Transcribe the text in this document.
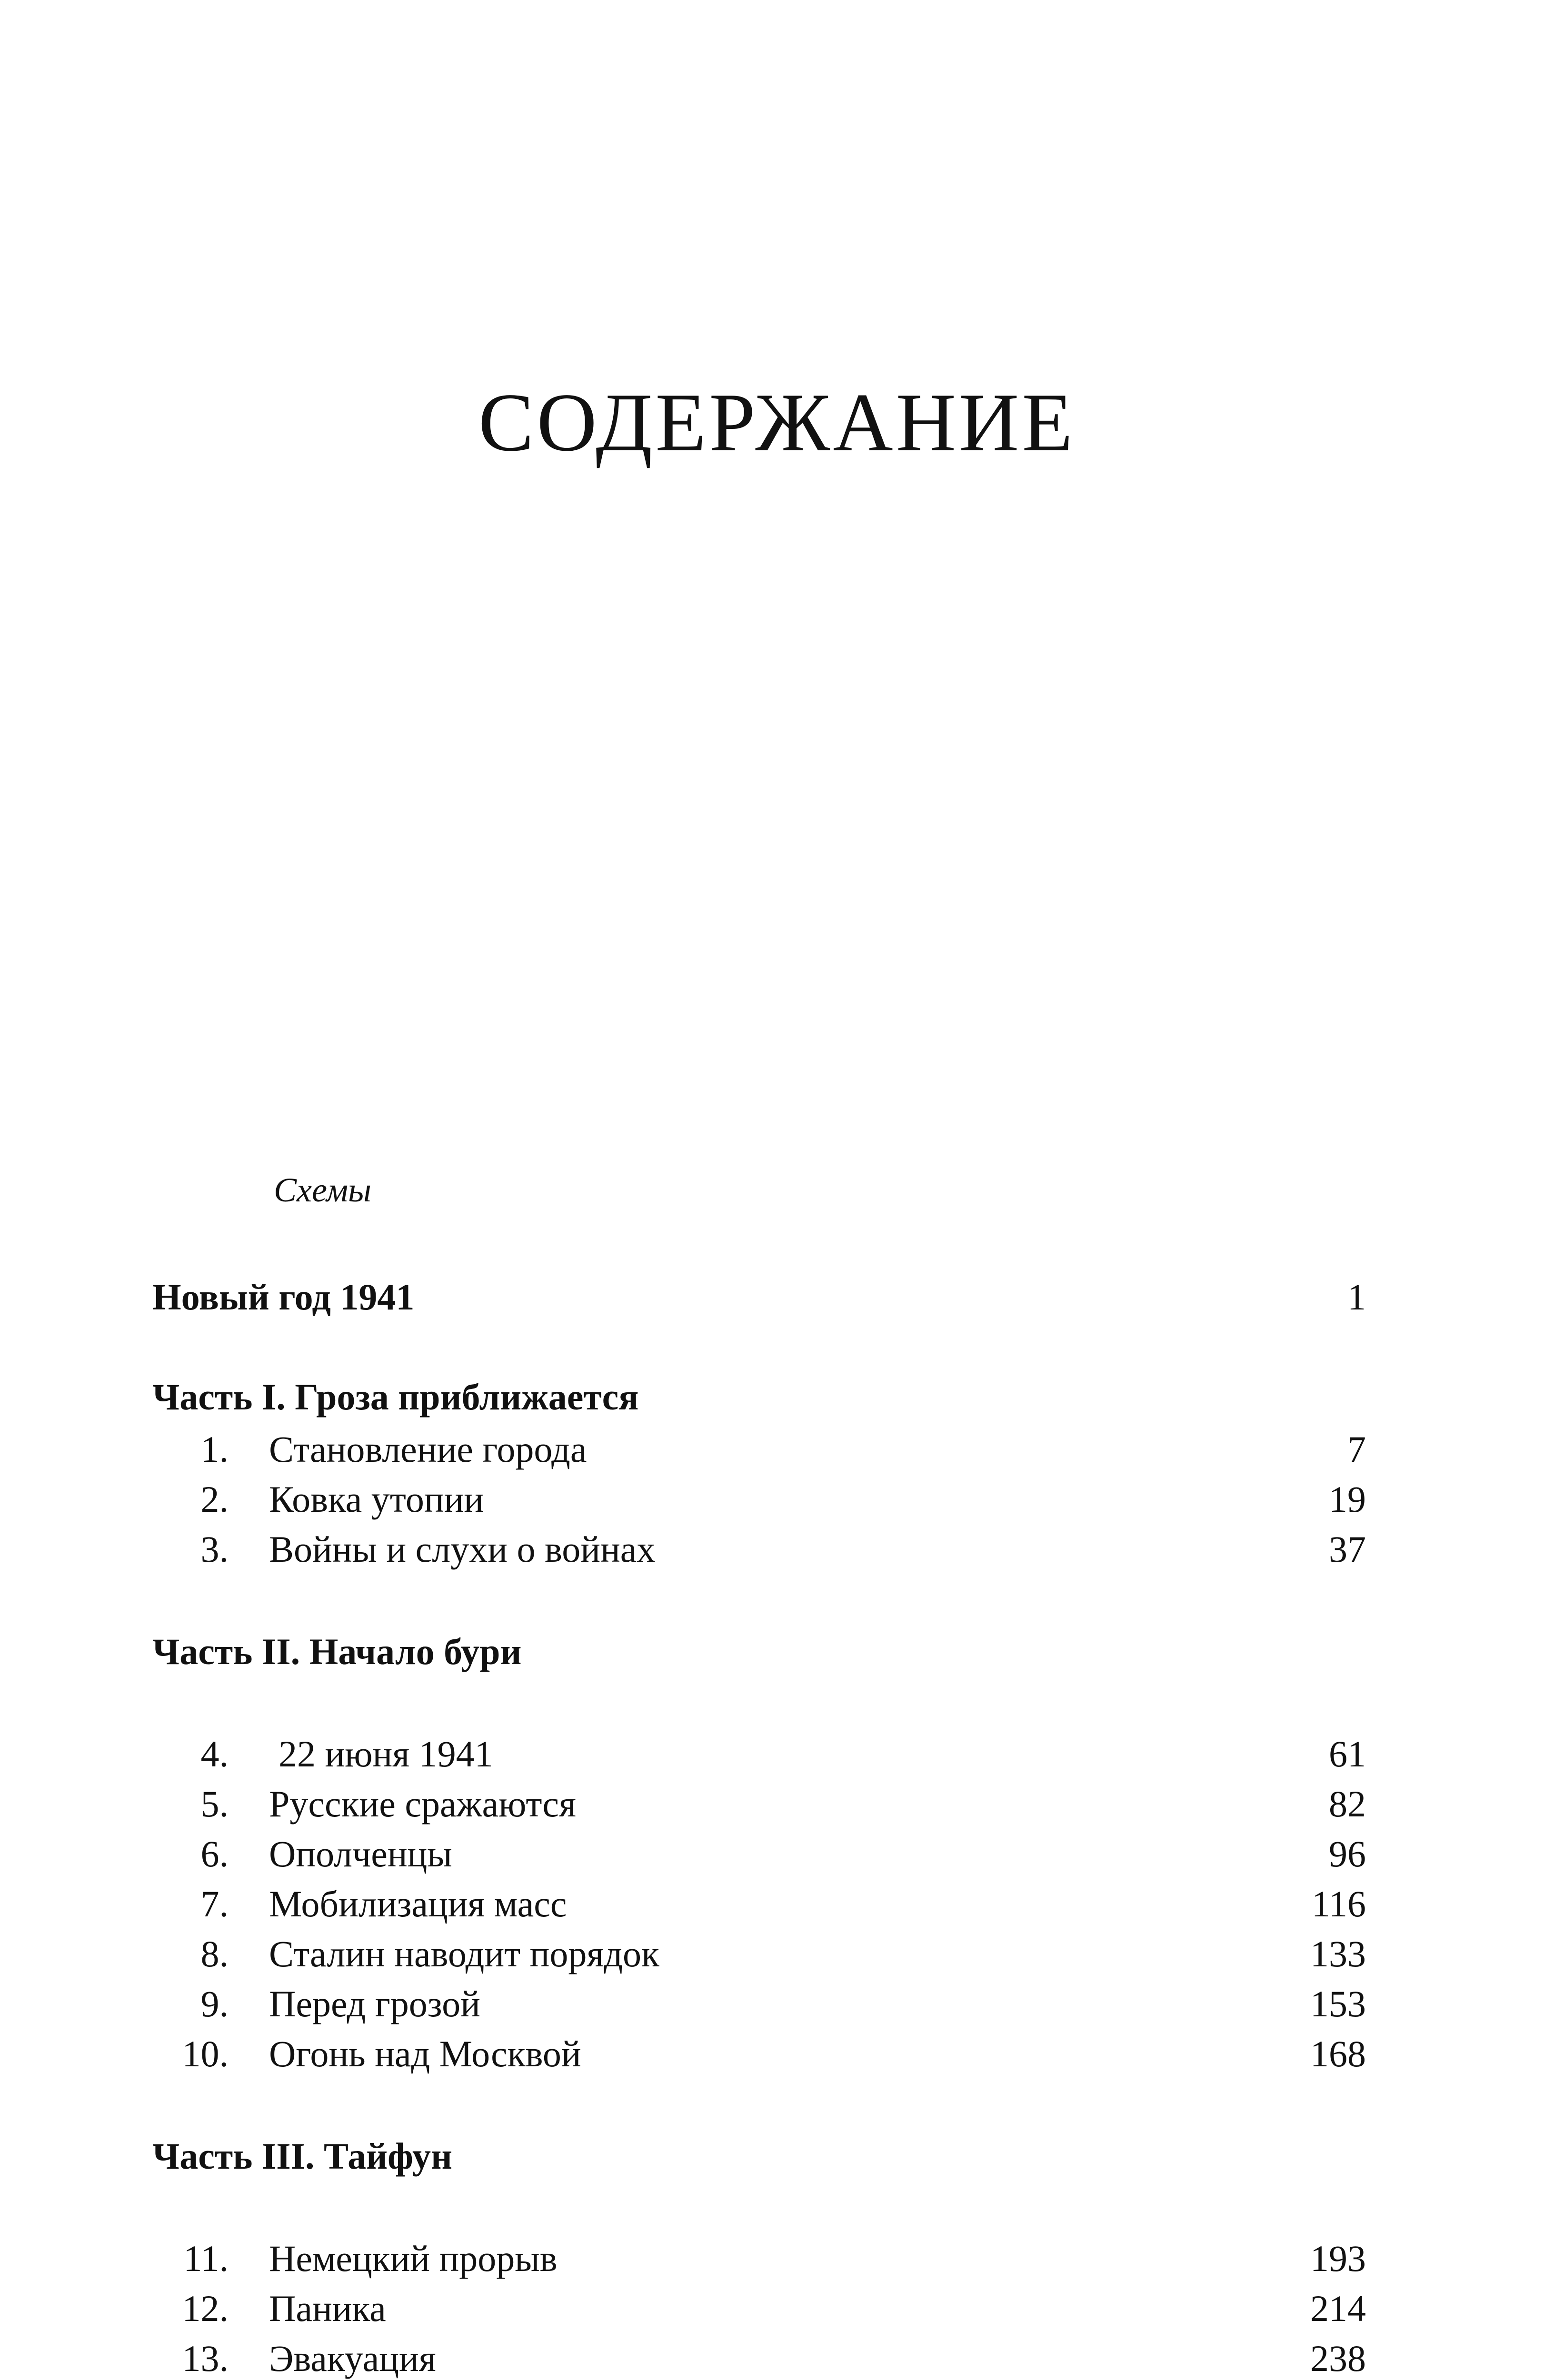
СОДЕРЖАНИЕ
Схемы
Новый год 1941	1
Часть I. Гроза приближается
1. Становление города	7
2. Ковка утопии	19
3. Войны и слухи о войнах	37
Часть II. Начало бури
4. 22 июня 1941	61
5. Русские сражаются	82
6. Ополченцы	96
7. Мобилизация масс	116
8. Сталин наводит порядок	133
9. Перед грозой	153
10. Огонь над Москвой	168
Часть III. Тайфун
11. Немецкий прорыв	193
12. Паника	214
13. Эвакуация	238
